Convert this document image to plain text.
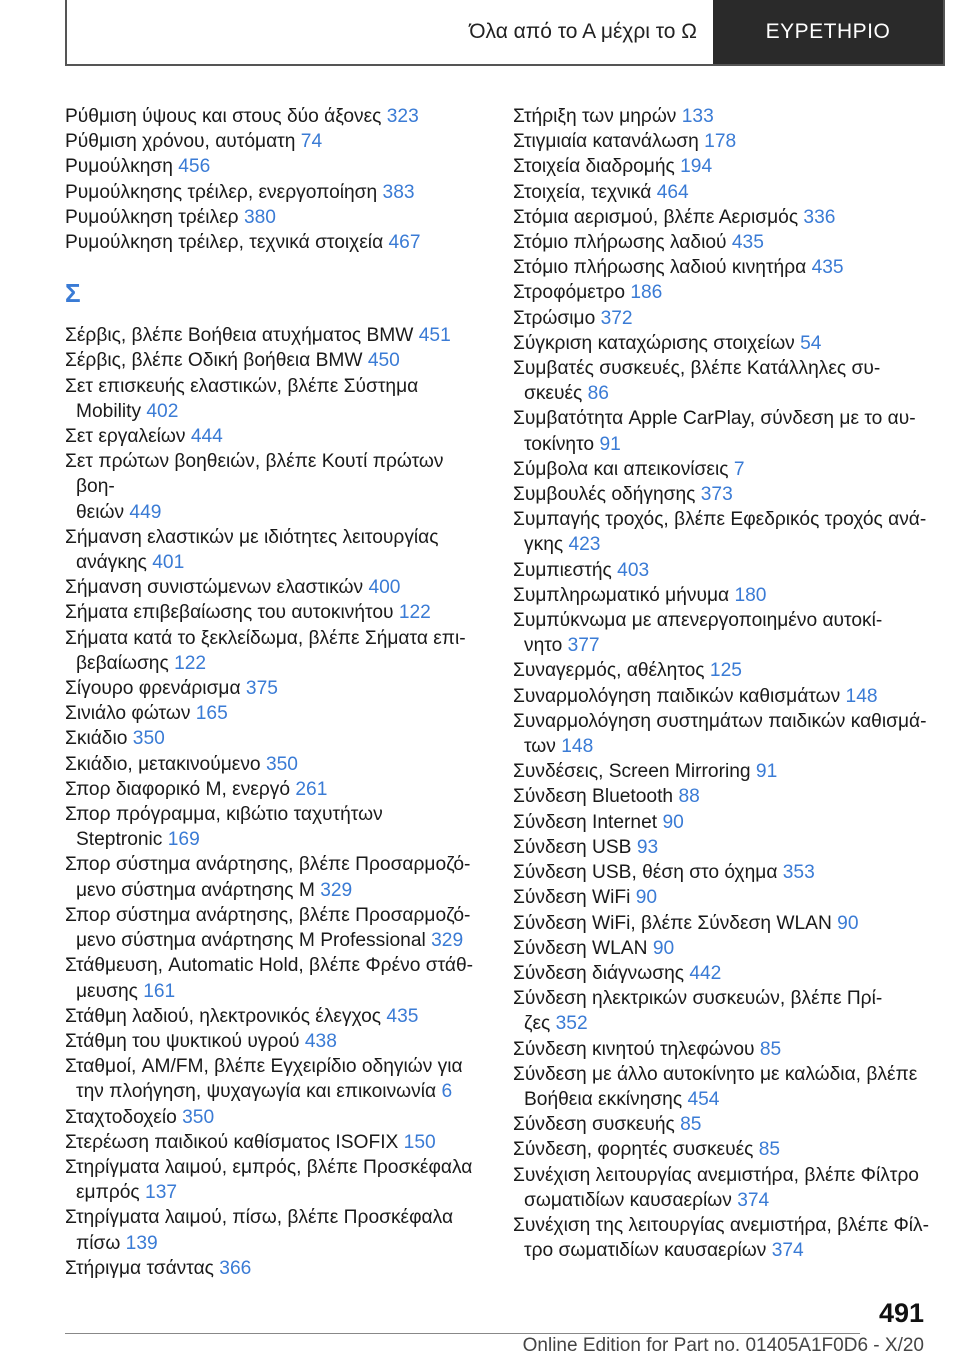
Όλα από το Α μέχρι το Ω	ΕΥΡΕΤΗΡΙΟ
Ρύθμιση ύψους και στους δύο άξονες 323
Ρύθμιση χρόνου, αυτόματη 74
Ρυμούλκηση 456
Ρυμούλκησης τρέιλερ, ενεργοποίηση 383
Ρυμούλκηση τρέιλερ 380
Ρυμούλκηση τρέιλερ, τεχνικά στοιχεία 467
Σ
Σέρβις, βλέπε Βοήθεια ατυχήματος BMW 451
Σέρβις, βλέπε Οδική βοήθεια BMW 450
Σετ επισκευής ελαστικών, βλέπε Σύστημα
Mobility 402
Σετ εργαλείων 444
Σετ πρώτων βοηθειών, βλέπε Κουτί πρώτων βοη-
θειών 449
Σήμανση ελαστικών με ιδιότητες λειτουργίας
ανάγκης 401
Σήμανση συνιστώμενων ελαστικών 400
Σήματα επιβεβαίωσης του αυτοκινήτου 122
Σήματα κατά το ξεκλείδωμα, βλέπε Σήματα επι-
βεβαίωσης 122
Σίγουρο φρενάρισμα 375
Σινιάλο φώτων 165
Σκιάδιο 350
Σκιάδιο, μετακινούμενο 350
Σπορ διαφορικό M, ενεργό 261
Σπορ πρόγραμμα, κιβώτιο ταχυτήτων
Steptronic 169
Σπορ σύστημα ανάρτησης, βλέπε Προσαρμοζό-
μενο σύστημα ανάρτησης M 329
Σπορ σύστημα ανάρτησης, βλέπε Προσαρμοζό-
μενο σύστημα ανάρτησης M Professional 329
Στάθμευση, Automatic Hold, βλέπε Φρένο στάθ-
μευσης 161
Στάθμη λαδιού, ηλεκτρονικός έλεγχος 435
Στάθμη του ψυκτικού υγρού 438
Σταθμοί, AM/FM, βλέπε Εγχειρίδιο οδηγιών για
την πλοήγηση, ψυχαγωγία και επικοινωνία 6
Σταχτοδοχείο 350
Στερέωση παιδικού καθίσματος ISOFIX 150
Στηρίγματα λαιμού, εμπρός, βλέπε Προσκέφαλα
εμπρός 137
Στηρίγματα λαιμού, πίσω, βλέπε Προσκέφαλα
πίσω 139
Στήριγμα τσάντας 366
Στήριξη των μηρών 133
Στιγμιαία κατανάλωση 178
Στοιχεία διαδρομής 194
Στοιχεία, τεχνικά 464
Στόμια αερισμού, βλέπε Αερισμός 336
Στόμιο πλήρωσης λαδιού 435
Στόμιο πλήρωσης λαδιού κινητήρα 435
Στροφόμετρο 186
Στρώσιμο 372
Σύγκριση καταχώρισης στοιχείων 54
Συμβατές συσκευές, βλέπε Κατάλληλες συ-
σκευές 86
Συμβατότητα Apple CarPlay, σύνδεση με το αυ-
τοκίνητο 91
Σύμβολα και απεικονίσεις 7
Συμβουλές οδήγησης 373
Συμπαγής τροχός, βλέπε Εφεδρικός τροχός ανά-
γκης 423
Συμπιεστής 403
Συμπληρωματικό μήνυμα 180
Συμπύκνωμα με απενεργοποιημένο αυτοκί-
νητο 377
Συναγερμός, αθέλητος 125
Συναρμολόγηση παιδικών καθισμάτων 148
Συναρμολόγηση συστημάτων παιδικών καθισμά-
των 148
Συνδέσεις, Screen Mirroring 91
Σύνδεση Bluetooth 88
Σύνδεση Internet 90
Σύνδεση USB 93
Σύνδεση USB, θέση στο όχημα 353
Σύνδεση WiFi 90
Σύνδεση WiFi, βλέπε Σύνδεση WLAN 90
Σύνδεση WLAN 90
Σύνδεση διάγνωσης 442
Σύνδεση ηλεκτρικών συσκευών, βλέπε Πρί-
ζες 352
Σύνδεση κινητού τηλεφώνου 85
Σύνδεση με άλλο αυτοκίνητο με καλώδια, βλέπε
Βοήθεια εκκίνησης 454
Σύνδεση συσκευής 85
Σύνδεση, φορητές συσκευές 85
Συνέχιση λειτουργίας ανεμιστήρα, βλέπε Φίλτρο
σωματιδίων καυσαερίων 374
Συνέχιση της λειτουργίας ανεμιστήρα, βλέπε Φίλ-
τρο σωματιδίων καυσαερίων 374
491
Online Edition for Part no. 01405A1F0D6 - X/20
